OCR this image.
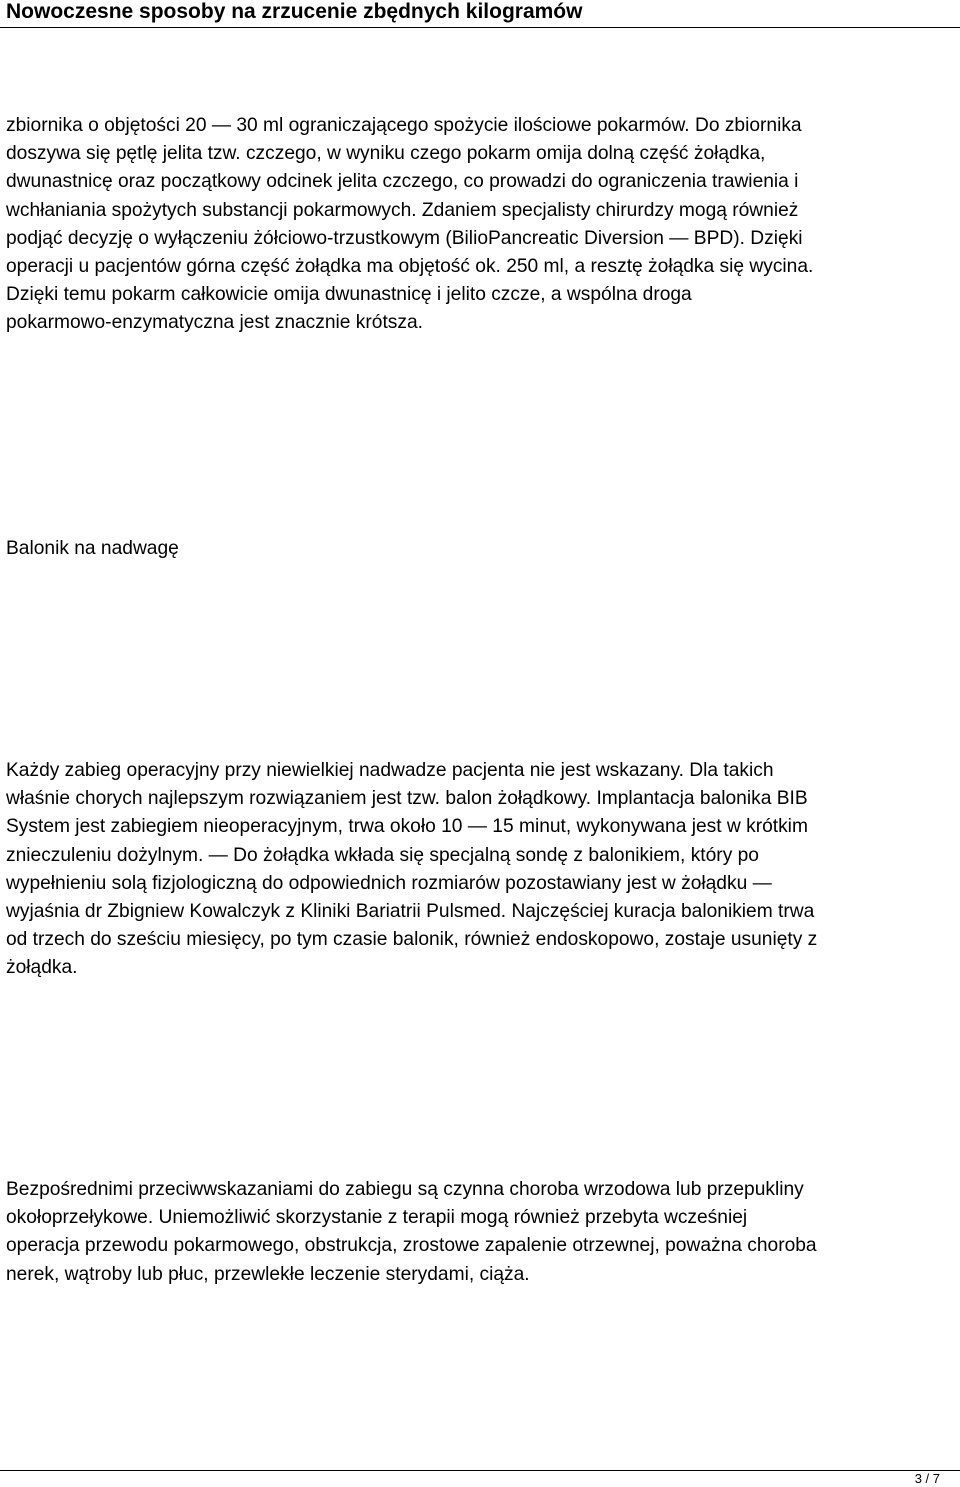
Nowoczesne sposoby na zrzucenie zbędnych kilogramów
zbiornika o objętości 20 — 30 ml ograniczającego spożycie ilościowe pokarmów. Do zbiornika
doszywa się pętlę jelita tzw. czczego, w wyniku czego pokarm omija dolną część żołądka,
dwunastnicę oraz początkowy odcinek jelita czczego, co prowadzi do ograniczenia trawienia i
wchłaniania spożytych substancji pokarmowych. Zdaniem specjalisty chirurdzy mogą również
podjąć decyzję o wyłączeniu żółciowo-trzustkowym (BilioPancreatic Diversion — BPD). Dzięki
operacji u pacjentów górna część żołądka ma objętość ok. 250 ml, a resztę żołądka się wycina.
Dzięki temu pokarm całkowicie omija dwunastnicę i jelito czcze, a wspólna droga
pokarmowo-enzymatyczna jest znacznie krótsza.
Balonik na nadwagę
Każdy zabieg operacyjny przy niewielkiej nadwadze pacjenta nie jest wskazany. Dla takich
właśnie chorych najlepszym rozwiązaniem jest tzw. balon żołądkowy. Implantacja balonika BIB
System jest zabiegiem nieoperacyjnym, trwa około 10 — 15 minut, wykonywana jest w krótkim
znieczuleniu dożylnym. — Do żołądka wkłada się specjalną sondę z balonikiem, który po
wypełnieniu solą fizjologiczną do odpowiednich rozmiarów pozostawiany jest w żołądku —
wyjaśnia dr Zbigniew Kowalczyk z Kliniki Bariatrii Pulsmed. Najczęściej kuracja balonikiem trwa
od trzech do sześciu miesięcy, po tym czasie balonik, również endoskopowo, zostaje usunięty z
żołądka.
Bezpośrednimi przeciwwskazaniami do zabiegu są czynna choroba wrzodowa lub przepukliny
okołoprzełykowe. Uniemożliwić skorzystanie z terapii mogą również przebyta wcześniej
operacja przewodu pokarmowego, obstrukcja, zrostowe zapalenie otrzewnej, poważna choroba
nerek, wątroby lub płuc, przewlekłe leczenie sterydami, ciąża.
3 / 7
